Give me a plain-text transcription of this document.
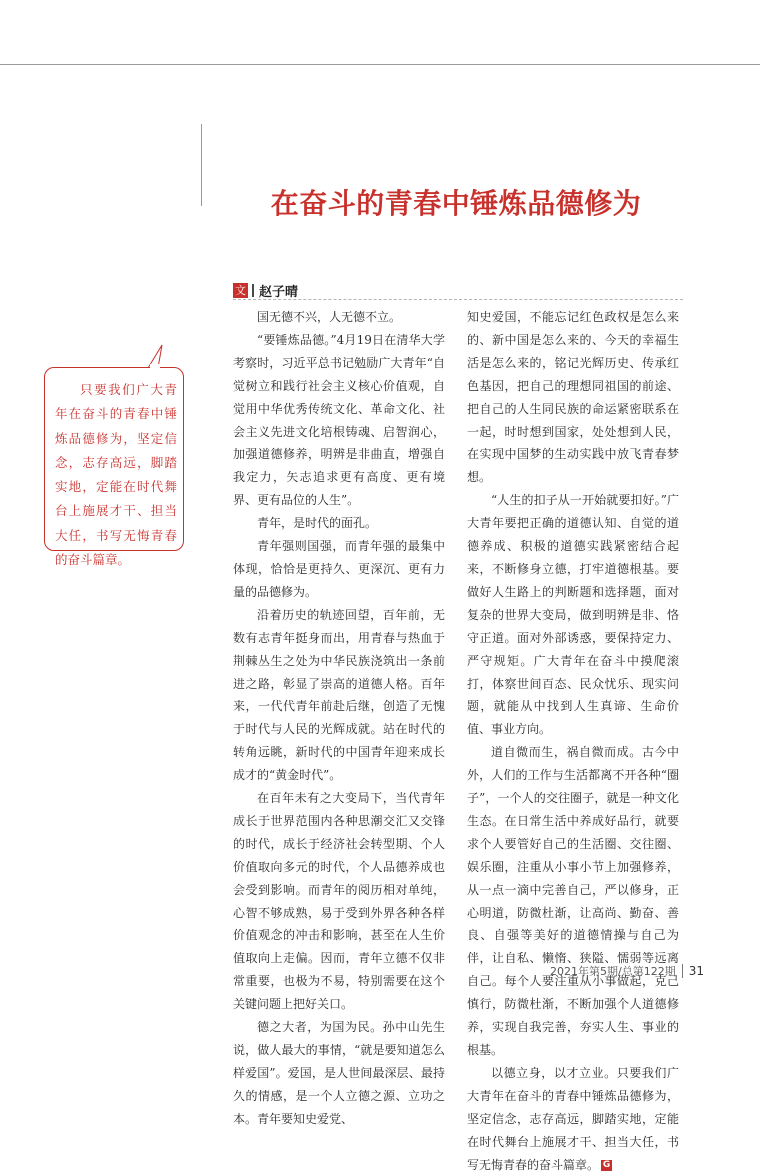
在奋斗的青春中锤炼品德修为
文 赵子晴

国无德不兴，人无德不立。

“要锤炼品德。”4月19日在清华大学考察时，习近平总书记勉励广大青年“自觉树立和践行社会主义核心价值观，自觉用中华优秀传统文化、革命文化、社会主义先进文化培根铸魂、启智润心，加强道德修养，明辨是非曲直，增强自我定力，矢志追求更有高度、更有境界、更有品位的人生”。

青年，是时代的面孔。

青年强则国强，而青年强的最集中体现，恰恰是更持久、更深沉、更有力量的品德修为。

沿着历史的轨迹回望，百年前，无数有志青年挺身而出，用青春与热血于荆棘丛生之处为中华民族浇筑出一条前进之路，彰显了崇高的道德人格。百年来，一代代青年前赴后继，创造了无愧于时代与人民的光辉成就。站在时代的转角远眺，新时代的中国青年迎来成长成才的“黄金时代”。

在百年未有之大变局下，当代青年成长于世界范围内各种思潮交汇又交锋的时代，成长于经济社会转型期、个人价值取向多元的时代，个人品德养成也会受到影响。而青年的阅历相对单纯，心智不够成熟，易于受到外界各种各样价值观念的冲击和影响，甚至在人生价值取向上走偏。因而，青年立德不仅非常重要，也极为不易，特别需要在这个关键问题上把好关口。

德之大者，为国为民。孙中山先生说，做人最大的事情，“就是要知道怎么样爱国”。爱国，是人世间最深层、最持久的情感，是一个人立德之源、立功之本。青年要知史爱党、

知史爱国，不能忘记红色政权是怎么来的、新中国是怎么来的、今天的幸福生活是怎么来的，铭记光辉历史、传承红色基因，把自己的理想同祖国的前途、把自己的人生同民族的命运紧密联系在一起，时时想到国家，处处想到人民，在实现中国梦的生动实践中放飞青春梦想。

“人生的扣子从一开始就要扣好。”广大青年要把正确的道德认知、自觉的道德养成、积极的道德实践紧密结合起来，不断修身立德，打牢道德根基。要做好人生路上的判断题和选择题，面对复杂的世界大变局，做到明辨是非、恪守正道。面对外部诱惑，要保持定力、严守规矩。广大青年在奋斗中摸爬滚打，体察世间百态、民众忧乐、现实问题，就能从中找到人生真谛、生命价值、事业方向。

道自微而生，祸自微而成。古今中外，人们的工作与生活都离不开各种“圈子”，一个人的交往圈子，就是一种文化生态。在日常生活中养成好品行，就要求个人要管好自己的生活圈、交往圈、娱乐圈，注重从小事小节上加强修养，从一点一滴中完善自己，严以修身，正心明道，防微杜渐，让高尚、勤奋、善良、自强等美好的道德情操与自己为伴，让自私、懒惰、狭隘、懦弱等远离自己。每个人要注重从小事做起，克己慎行，防微杜渐，不断加强个人道德修养，实现自我完善，夯实人生、事业的根基。

以德立身，以才立业。只要我们广大青年在奋斗的青春中锤炼品德修为，坚定信念，志存高远，脚踏实地，定能在时代舞台上施展才干、担当大任，书写无悔青春的奋斗篇章。 G

只要我们广大青年在奋斗的青春中锤炼品德修为，坚定信念，志存高远，脚踏实地，定能在时代舞台上施展才干、担当大任，书写无悔青春的奋斗篇章。

2021年第5期/总第122期 31
